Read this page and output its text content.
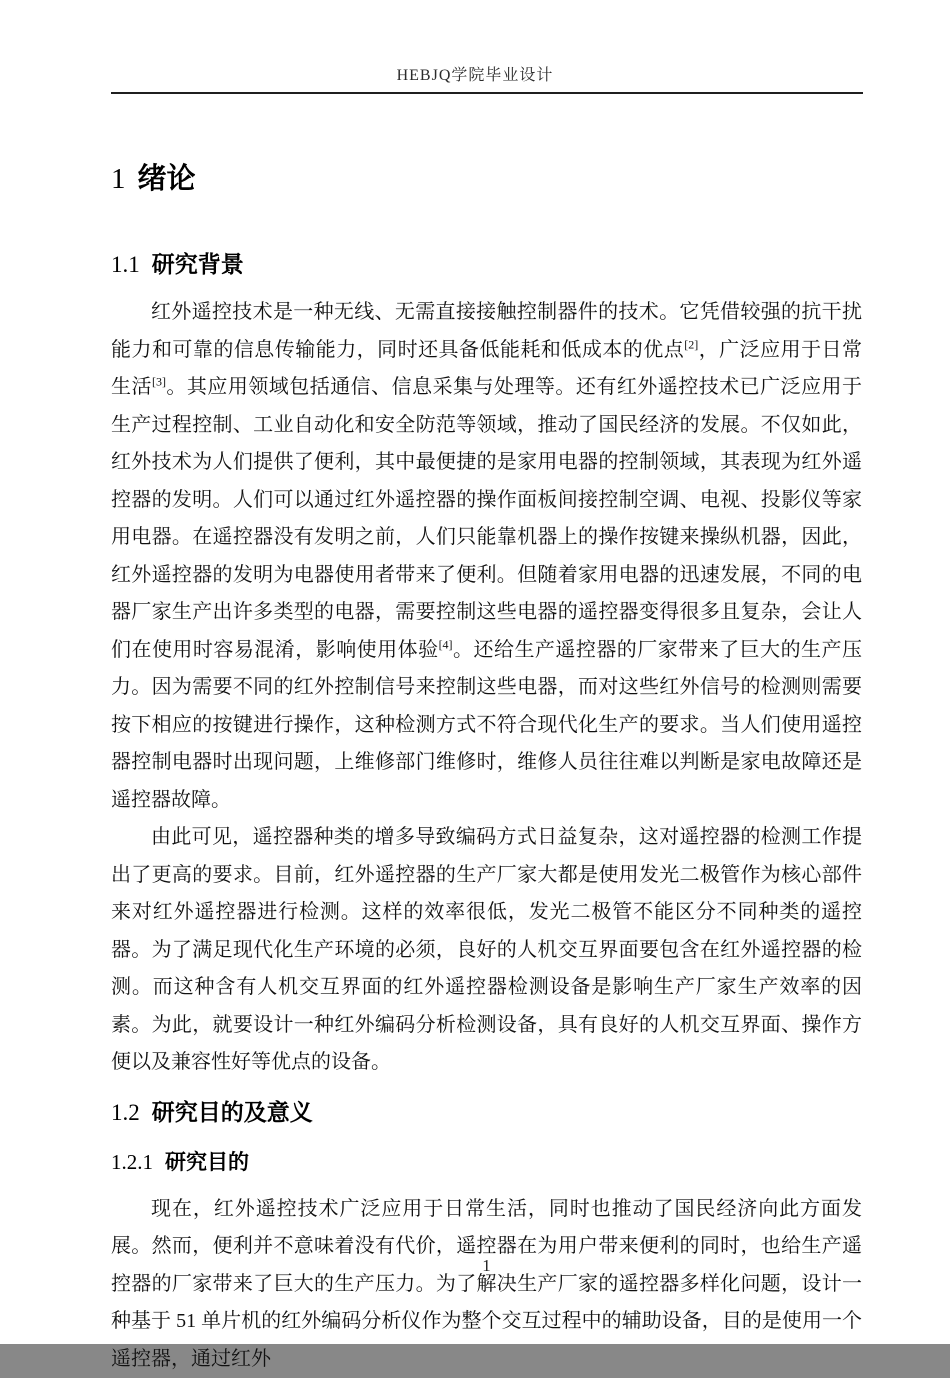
HEBJQ学院毕业设计
1 绪论
1.1 研究背景

红外遥控技术是一种无线、无需直接接触控制器件的技术。它凭借较强的抗干扰能力和可靠的信息传输能力，同时还具备低能耗和低成本的优点[2]，广泛应用于日常生活[3]。其应用领域包括通信、信息采集与处理等。还有红外遥控技术已广泛应用于生产过程控制、工业自动化和安全防范等领域，推动了国民经济的发展。不仅如此，红外技术为人们提供了便利，其中最便捷的是家用电器的控制领域，其表现为红外遥控器的发明。人们可以通过红外遥控器的操作面板间接控制空调、电视、投影仪等家用电器。在遥控器没有发明之前，人们只能靠机器上的操作按键来操纵机器，因此，红外遥控器的发明为电器使用者带来了便利。但随着家用电器的迅速发展，不同的电器厂家生产出许多类型的电器，需要控制这些电器的遥控器变得很多且复杂，会让人们在使用时容易混淆，影响使用体验[4]。还给生产遥控器的厂家带来了巨大的生产压力。因为需要不同的红外控制信号来控制这些电器，而对这些红外信号的检测则需要按下相应的按键进行操作，这种检测方式不符合现代化生产的要求。当人们使用遥控器控制电器时出现问题，上维修部门维修时，维修人员往往难以判断是家电故障还是遥控器故障。

由此可见，遥控器种类的增多导致编码方式日益复杂，这对遥控器的检测工作提出了更高的要求。目前，红外遥控器的生产厂家大都是使用发光二极管作为核心部件来对红外遥控器进行检测。这样的效率很低，发光二极管不能区分不同种类的遥控器。为了满足现代化生产环境的必须，良好的人机交互界面要包含在红外遥控器的检测。而这种含有人机交互界面的红外遥控器检测设备是影响生产厂家生产效率的因素。为此，就要设计一种红外编码分析检测设备，具有良好的人机交互界面、操作方便以及兼容性好等优点的设备。

1.2 研究目的及意义
1.2.1 研究目的

现在，红外遥控技术广泛应用于日常生活，同时也推动了国民经济向此方面发展。然而，便利并不意味着没有代价，遥控器在为用户带来便利的同时，也给生产遥控器的厂家带来了巨大的生产压力。为了解决生产厂家的遥控器多样化问题，设计一种基于 51 单片机的红外编码分析仪作为整个交互过程中的辅助设备，目的是使用一个遥控器，通过红外

1
